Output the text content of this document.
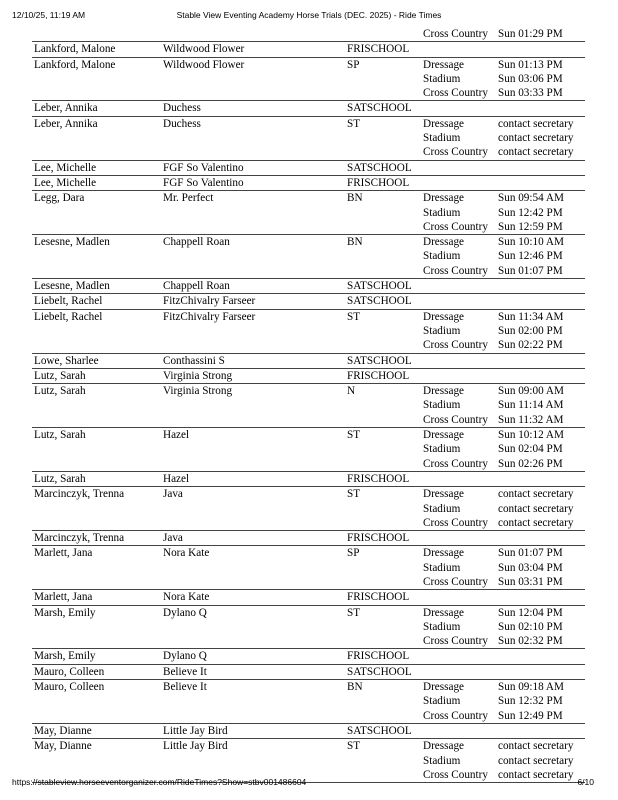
12/10/25, 11:19 AM	Stable View Eventing Academy Horse Trials (DEC. 2025) - Ride Times
Cross Country Sun 01:29 PM
Lankford, Malone	Wildwood Flower	FRISCHOOL
Lankford, Malone	Wildwood Flower	SP	Dressage	Sun 01:13 PM
Stadium	Sun 03:06 PM
Cross Country Sun 03:33 PM
Leber, Annika	Duchess	SATSCHOOL
Leber, Annika	Duchess	ST	Dressage	contact secretary
Stadium	contact secretary
Cross Country contact secretary
Lee, Michelle	FGF So Valentino	SATSCHOOL
Lee, Michelle	FGF So Valentino	FRISCHOOL
Legg, Dara	Mr. Perfect	BN	Dressage	Sun 09:54 AM
Stadium	Sun 12:42 PM
Cross Country Sun 12:59 PM
Lesesne, Madlen	Chappell Roan	BN	Dressage	Sun 10:10 AM
Stadium	Sun 12:46 PM
Cross Country Sun 01:07 PM
Lesesne, Madlen	Chappell Roan	SATSCHOOL
Liebelt, Rachel	FitzChivalry Farseer	SATSCHOOL
Liebelt, Rachel	FitzChivalry Farseer	ST	Dressage	Sun 11:34 AM
Stadium	Sun 02:00 PM
Cross Country Sun 02:22 PM
Lowe, Sharlee	Conthassini S	SATSCHOOL
Lutz, Sarah	Virginia Strong	FRISCHOOL
Lutz, Sarah	Virginia Strong	N	Dressage	Sun 09:00 AM
Stadium	Sun 11:14 AM
Cross Country Sun 11:32 AM
Lutz, Sarah	Hazel	ST	Dressage	Sun 10:12 AM
Stadium	Sun 02:04 PM
Cross Country Sun 02:26 PM
Lutz, Sarah	Hazel	FRISCHOOL
Marcinczyk, Trenna	Java	ST	Dressage	contact secretary
Stadium	contact secretary
Cross Country contact secretary
Marcinczyk, Trenna	Java	FRISCHOOL
Marlett, Jana	Nora Kate	SP	Dressage	Sun 01:07 PM
Stadium	Sun 03:04 PM
Cross Country Sun 03:31 PM
Marlett, Jana	Nora Kate	FRISCHOOL
Marsh, Emily	Dylano Q	ST	Dressage	Sun 12:04 PM
Stadium	Sun 02:10 PM
Cross Country Sun 02:32 PM
Marsh, Emily	Dylano Q	FRISCHOOL
Mauro, Colleen	Believe It	SATSCHOOL
Mauro, Colleen	Believe It	BN	Dressage	Sun 09:18 AM
Stadium	Sun 12:32 PM
Cross Country Sun 12:49 PM
May, Dianne	Little Jay Bird	SATSCHOOL
May, Dianne	Little Jay Bird	ST	Dressage	contact secretary
Stadium	contact secretary
Cross Country contact secretary
https://stableview.horseeventorganizer.com/RideTimes?Show=stbv001486604	6/10
